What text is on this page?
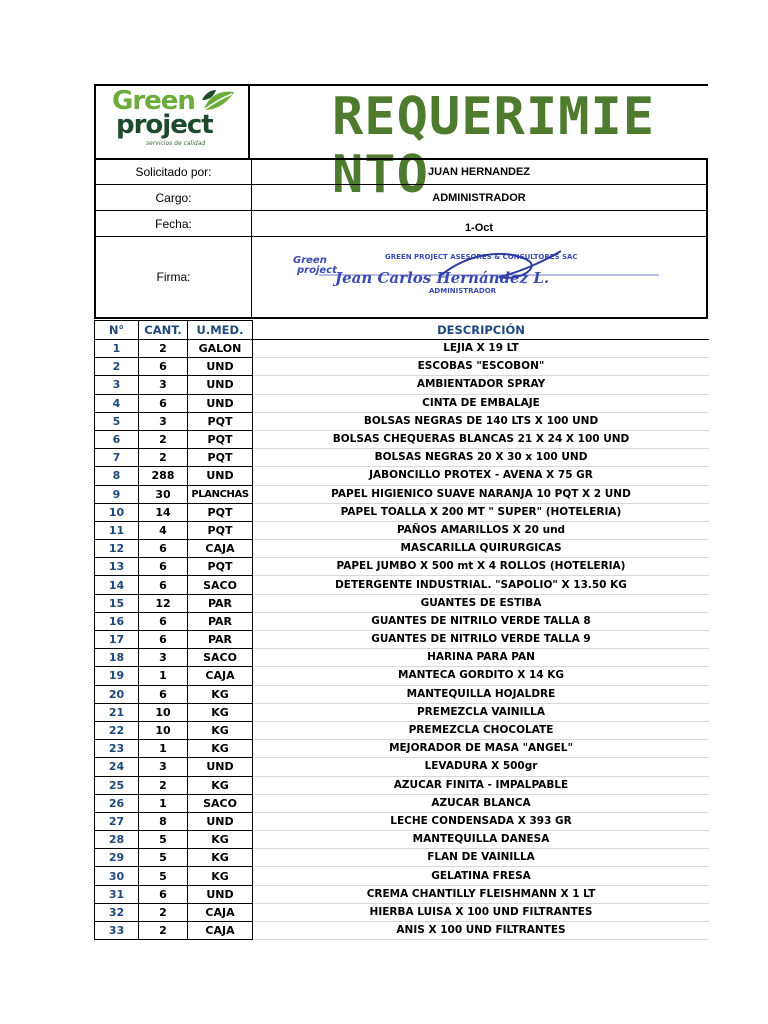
Green
project
servicios de calidad REQUERIMIENTO
Solicitado por:	JUAN HERNANDEZ
Cargo:	ADMINISTRADOR
Fecha:	1-Oct
Firma:
Green
project
GREEN PROJECT ASESORES & CONSULTORES SAC
Jean Carlos Hernández L.
ADMINISTRADOR
N°	CANT.	U.MED.	DESCRIPCIÓN
1	2	GALON	LEJIA X 19 LT
2	6	UND	ESCOBAS "ESCOBON"
3	3	UND	AMBIENTADOR SPRAY
4	6	UND	CINTA DE EMBALAJE
5	3	PQT	BOLSAS NEGRAS DE 140 LTS X 100 UND
6	2	PQT	BOLSAS CHEQUERAS BLANCAS 21 X 24 X 100 UND
7	2	PQT	BOLSAS NEGRAS 20 X 30 x 100 UND
8	288	UND	JABONCILLO PROTEX - AVENA X 75 GR
9	30	PLANCHAS	PAPEL HIGIENICO SUAVE NARANJA 10 PQT X 2 UND
10	14	PQT	PAPEL TOALLA X 200 MT " SUPER" (HOTELERIA)
11	4	PQT	PAÑOS AMARILLOS X 20 und
12	6	CAJA	MASCARILLA QUIRURGICAS
13	6	PQT	PAPEL JUMBO X 500 mt X 4 ROLLOS (HOTELERIA)
14	6	SACO	DETERGENTE INDUSTRIAL. "SAPOLIO" X 13.50 KG
15	12	PAR	GUANTES DE ESTIBA
16	6	PAR	GUANTES DE NITRILO VERDE TALLA 8
17	6	PAR	GUANTES DE NITRILO VERDE TALLA 9
18	3	SACO	HARINA PARA PAN
19	1	CAJA	MANTECA GORDITO X 14 KG
20	6	KG	MANTEQUILLA HOJALDRE
21	10	KG	PREMEZCLA VAINILLA
22	10	KG	PREMEZCLA CHOCOLATE
23	1	KG	MEJORADOR DE MASA "ANGEL"
24	3	UND	LEVADURA X 500gr
25	2	KG	AZUCAR FINITA - IMPALPABLE
26	1	SACO	AZUCAR BLANCA
27	8	UND	LECHE CONDENSADA X 393 GR
28	5	KG	MANTEQUILLA DANESA
29	5	KG	FLAN DE VAINILLA
30	5	KG	GELATINA FRESA
31	6	UND	CREMA CHANTILLY FLEISHMANN X 1 LT
32	2	CAJA	HIERBA LUISA X 100 UND FILTRANTES
33	2	CAJA	ANIS X 100 UND FILTRANTES
